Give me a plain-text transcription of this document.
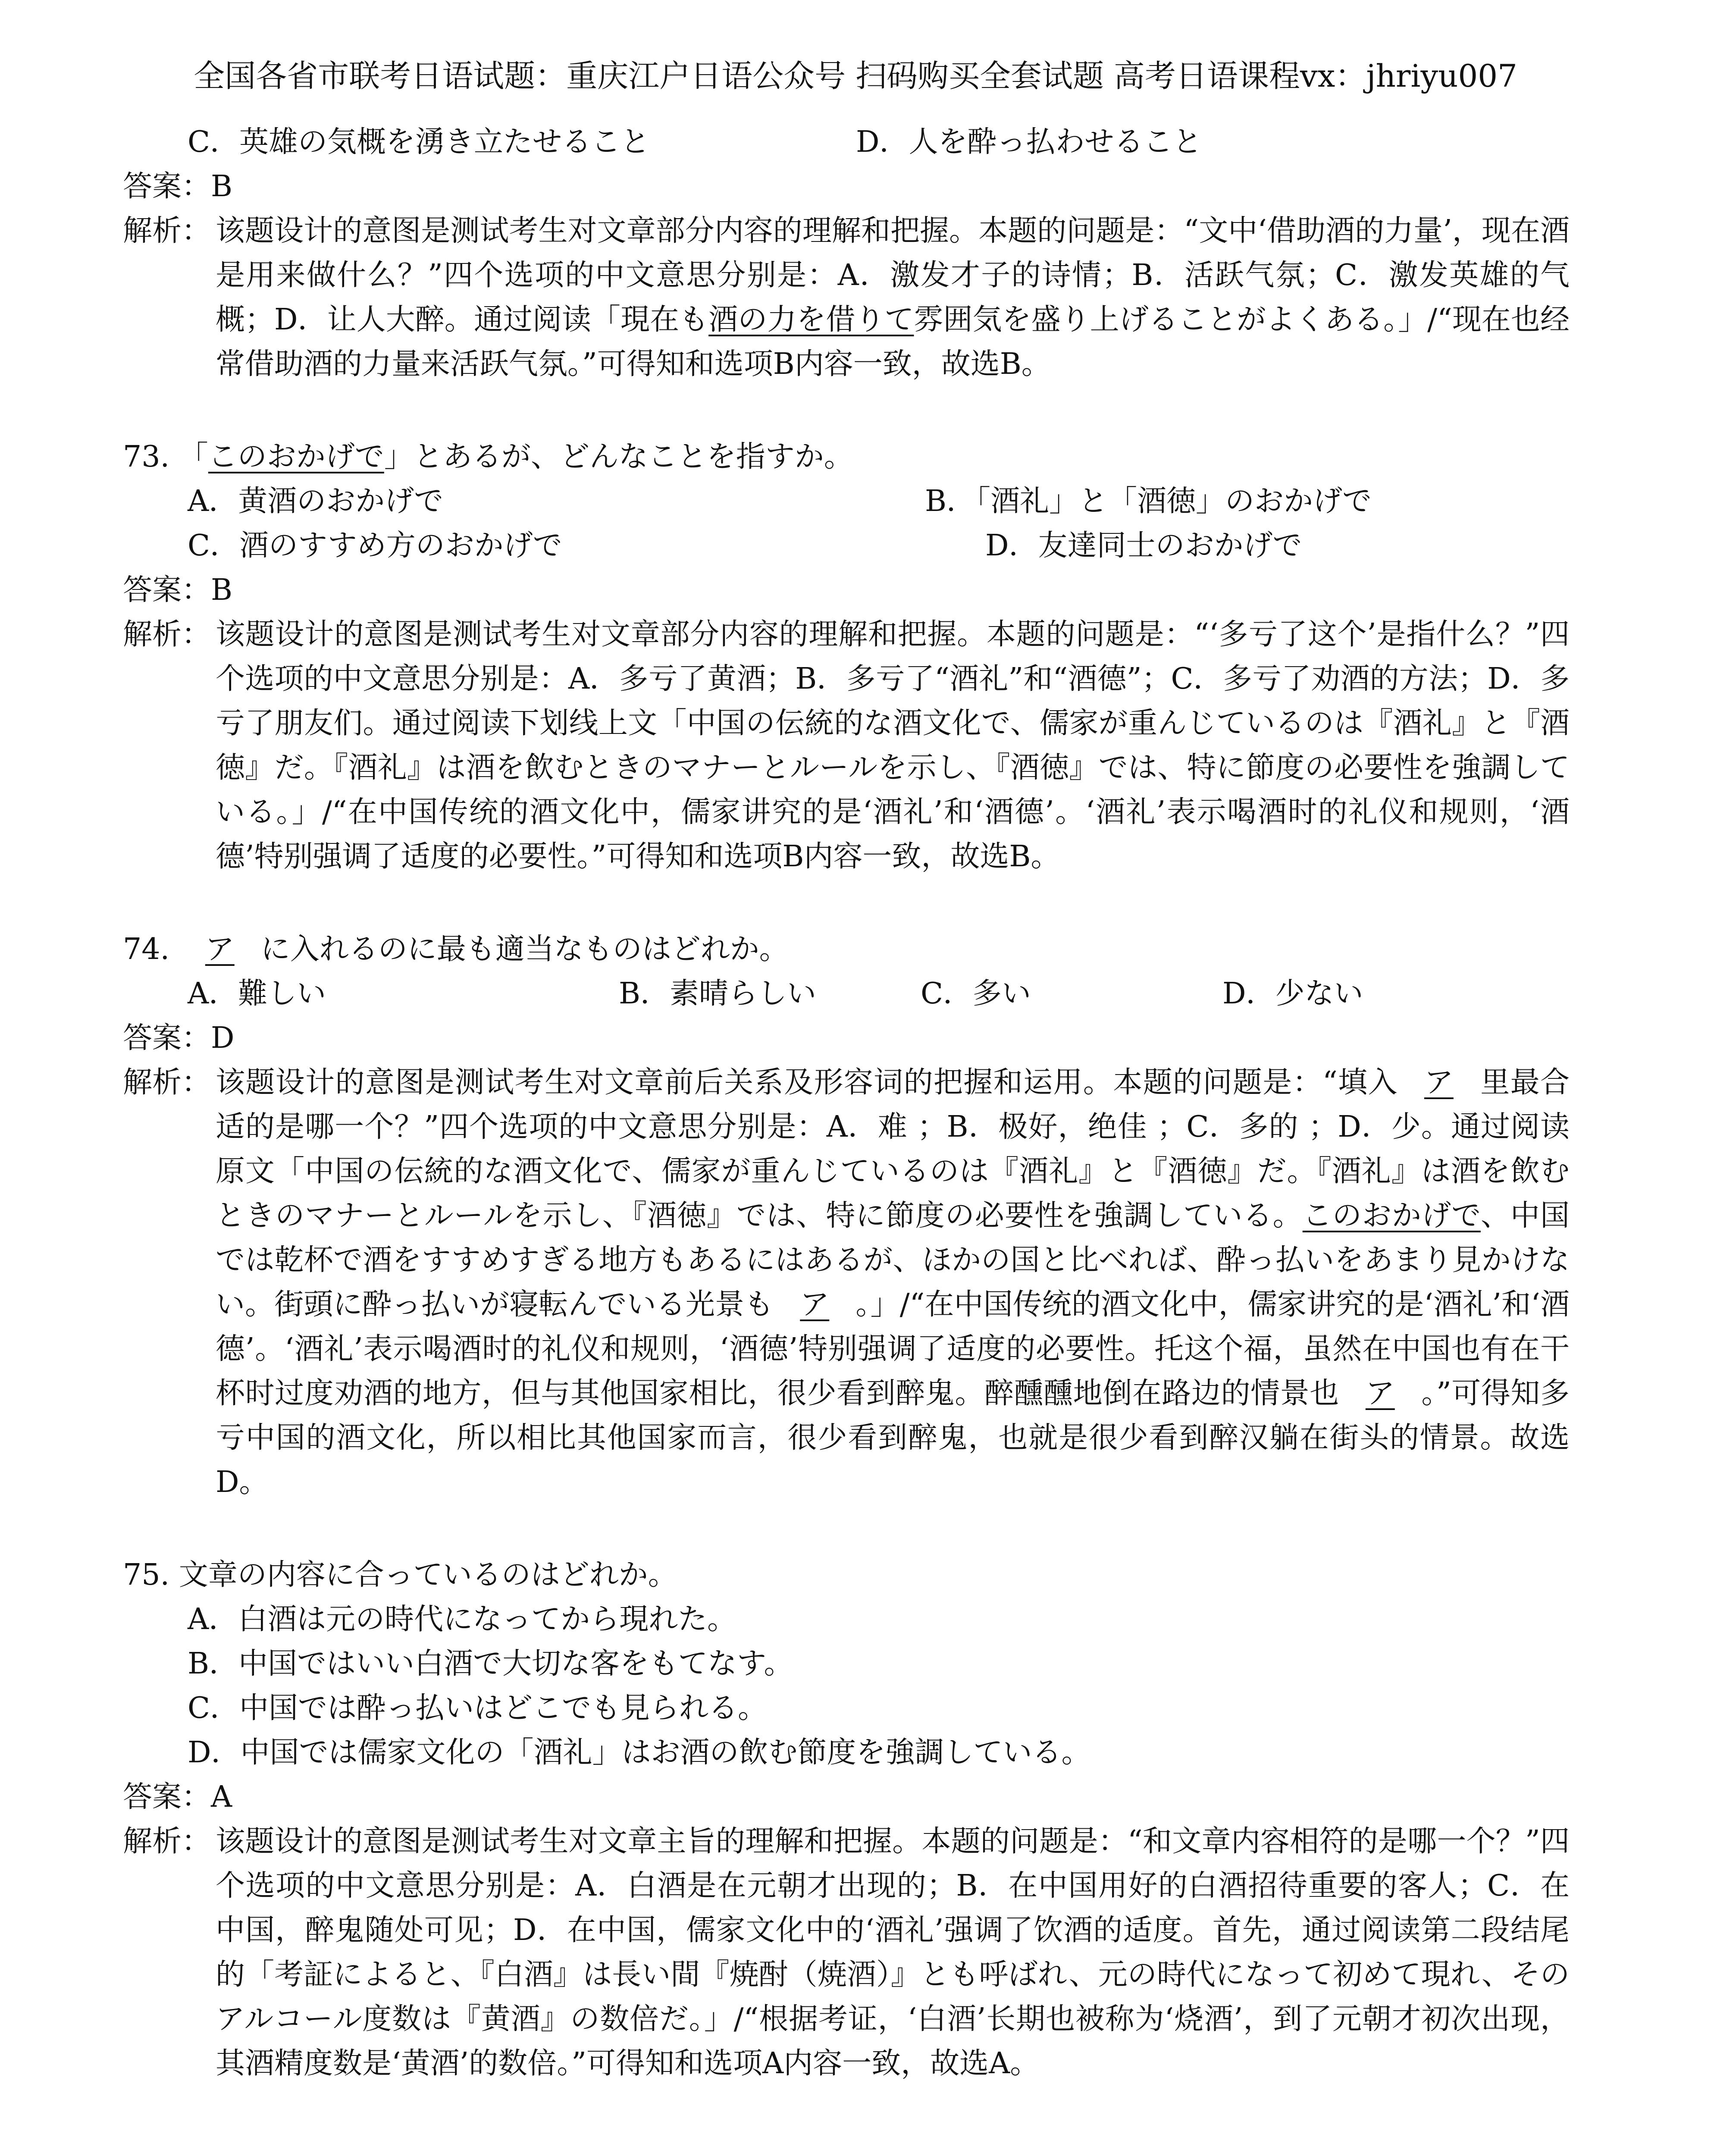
全国各省市联考日语试题：重庆江户日语公众号 扫码购买全套试题 高考日语课程vx：jhriyu007
C．英雄の気概を湧き立たせること	D．人を酔っ払わせること
答案：B
解析： 该题设计的意图是测试考生对文章部分内容的理解和把握。本题的问题是：“文中‘借助酒的力量’，现在酒是用来做什么？”四个选项的中文意思分别是：A．激发才子的诗情；B．活跃气氛；C．激发英雄的气概；D．让人大醉。通过阅读「現在も酒の力を借りて雰囲気を盛り上げることがよくある。」/“现在也经常借助酒的力量来活跃气氛。”可得知和选项B内容一致，故选B。
73. 「このおかげで」とあるが、どんなことを指すか。
A．黄酒のおかげで	B．「酒礼」と「酒徳」のおかげで
C．酒のすすめ方のおかげで	D．友達同士のおかげで
答案：B
解析： 该题设计的意图是测试考生对文章部分内容的理解和把握。本题的问题是：“‘多亏了这个’是指什么？”四个选项的中文意思分别是：A．多亏了黄酒；B．多亏了“酒礼”和“酒德”；C．多亏了劝酒的方法；D．多亏了朋友们。通过阅读下划线上文「中国の伝統的な酒文化で、儒家が重んじているのは『酒礼』と『酒徳』だ。『酒礼』は酒を飲むときのマナーとルールを示し、『酒徳』では、特に節度の必要性を強調している。」/“在中国传统的酒文化中，儒家讲究的是‘酒礼’和‘酒德’。‘酒礼’表示喝酒时的礼仪和规则，‘酒德’特别强调了适度的必要性。”可得知和选项B内容一致，故选B。
74. ア に入れるのに最も適当なものはどれか。
A．難しい	B．素晴らしい	C．多い	D．少ない
答案：D
解析： 该题设计的意图是测试考生对文章前后关系及形容词的把握和运用。本题的问题是：“填入 ア 里最合适的是哪一个？”四个选项的中文意思分别是：A．难 ；B．极好，绝佳 ；C．多的 ；D．少。通过阅读原文「中国の伝統的な酒文化で、儒家が重んじているのは『酒礼』と『酒徳』だ。『酒礼』は酒を飲むときのマナーとルールを示し、『酒徳』では、特に節度の必要性を強調している。このおかげで、中国では乾杯で酒をすすめすぎる地方もあるにはあるが、ほかの国と比べれば、酔っ払いをあまり見かけない。街頭に酔っ払いが寝転んでいる光景も ア 。」/“在中国传统的酒文化中，儒家讲究的是‘酒礼’和‘酒德’。‘酒礼’表示喝酒时的礼仪和规则，‘酒德’特别强调了适度的必要性。托这个福，虽然在中国也有在干杯时过度劝酒的地方，但与其他国家相比，很少看到醉鬼。醉醺醺地倒在路边的情景也 ア 。”可得知多亏中国的酒文化，所以相比其他国家而言，很少看到醉鬼，也就是很少看到醉汉躺在街头的情景。故选D。
75. 文章の内容に合っているのはどれか。
A．白酒は元の時代になってから現れた。
B．中国ではいい白酒で大切な客をもてなす。
C．中国では酔っ払いはどこでも見られる。
D．中国では儒家文化の「酒礼」はお酒の飲む節度を強調している。
答案：A
解析： 该题设计的意图是测试考生对文章主旨的理解和把握。本题的问题是：“和文章内容相符的是哪一个？”四个选项的中文意思分别是：A．白酒是在元朝才出现的；B．在中国用好的白酒招待重要的客人；C．在中国，醉鬼随处可见；D．在中国，儒家文化中的‘酒礼’强调了饮酒的适度。首先，通过阅读第二段结尾的「考証によると、『白酒』は長い間『焼酎（焼酒）』とも呼ばれ、元の時代になって初めて現れ、そのアルコール度数は『黄酒』の数倍だ。」/“根据考证，‘白酒’长期也被称为‘烧酒’，到了元朝才初次出现，其酒精度数是‘黄酒’的数倍。”可得知和选项A内容一致，故选A。
